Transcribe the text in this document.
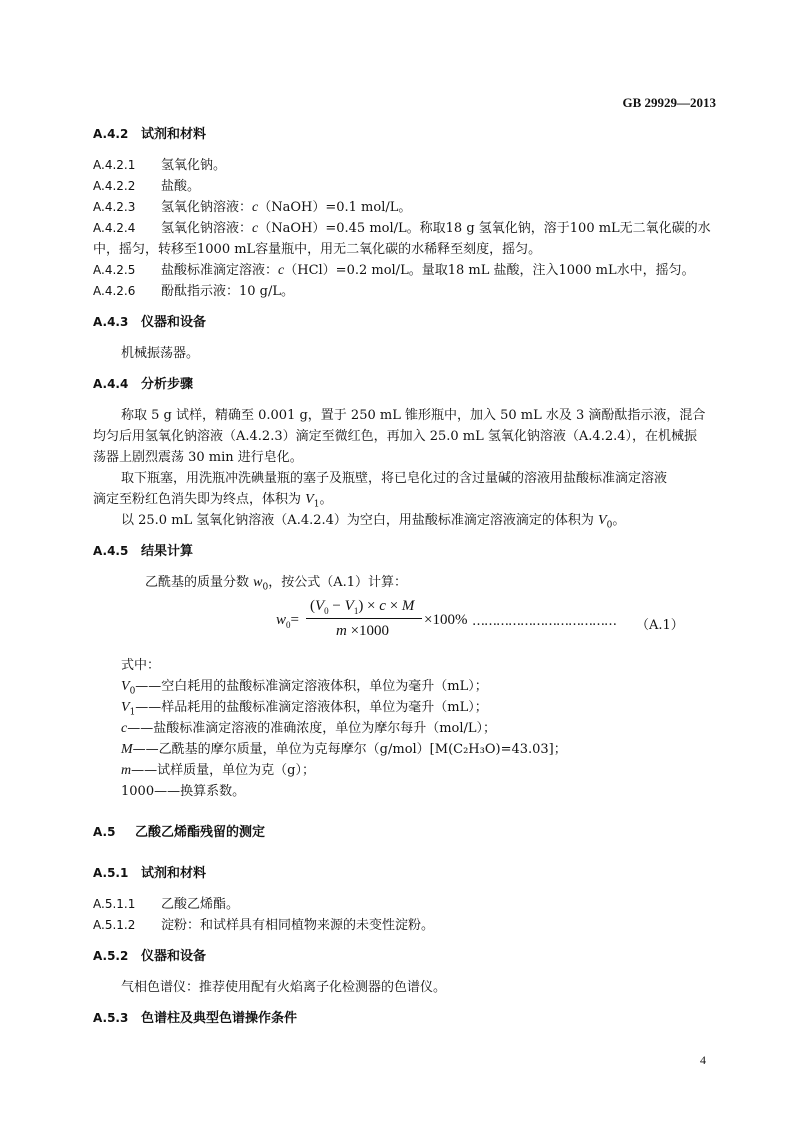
GB 29929—2013
A.4.2 试剂和材料
A.4.2.1 氢氧化钠。
A.4.2.2 盐酸。
A.4.2.3 氢氧化钠溶液：c（NaOH）=0.1 mol/L。
A.4.2.4 氢氧化钠溶液：c（NaOH）=0.45 mol/L。称取18 g 氢氧化钠，溶于100 mL无二氧化碳的水
中，摇匀，转移至1000 mL容量瓶中，用无二氧化碳的水稀释至刻度，摇匀。
A.4.2.5 盐酸标准滴定溶液：c（HCl）=0.2 mol/L。量取18 mL 盐酸，注入1000 mL水中，摇匀。
A.4.2.6 酚酞指示液：10 g/L。
A.4.3 仪器和设备
机械振荡器。
A.4.4 分析步骤
称取 5 g 试样，精确至 0.001 g，置于 250 mL 锥形瓶中，加入 50 mL 水及 3 滴酚酞指示液，混合
均匀后用氢氧化钠溶液（A.4.2.3）滴定至微红色，再加入 25.0 mL 氢氧化钠溶液（A.4.2.4），在机械振
荡器上剧烈震荡 30 min 进行皂化。
取下瓶塞，用洗瓶冲洗碘量瓶的塞子及瓶壁，将已皂化过的含过量碱的溶液用盐酸标准滴定溶液
滴定至粉红色消失即为终点，体积为 $V_1$。
以 25.0 mL 氢氧化钠溶液（A.4.2.4）为空白，用盐酸标准滴定溶液滴定的体积为 $V_0$。
A.4.5 结果计算
乙酰基的质量分数 $w_0$，按公式（A.1）计算：
$w_0=$
$(V_0 - V_1) \times c \times M$
m ×1000
×100% ……………………………… （A.1）
式中：
$V_0——$空白耗用的盐酸标准滴定溶液体积，单位为毫升（mL）；
$V_1——$样品耗用的盐酸标准滴定溶液体积，单位为毫升（mL）；
c——盐酸标准滴定溶液的准确浓度，单位为摩尔每升（mol/L）；
M——乙酰基的摩尔质量，单位为克每摩尔（g/mol）[M(C₂H₃O)=43.03]；
m——试样质量，单位为克（g）；
1000——换算系数。
A.5 乙酸乙烯酯残留的测定
A.5.1 试剂和材料
A.5.1.1 乙酸乙烯酯。
A.5.1.2 淀粉：和试样具有相同植物来源的未变性淀粉。
A.5.2 仪器和设备
气相色谱仪：推荐使用配有火焰离子化检测器的色谱仪。
A.5.3 色谱柱及典型色谱操作条件
4
